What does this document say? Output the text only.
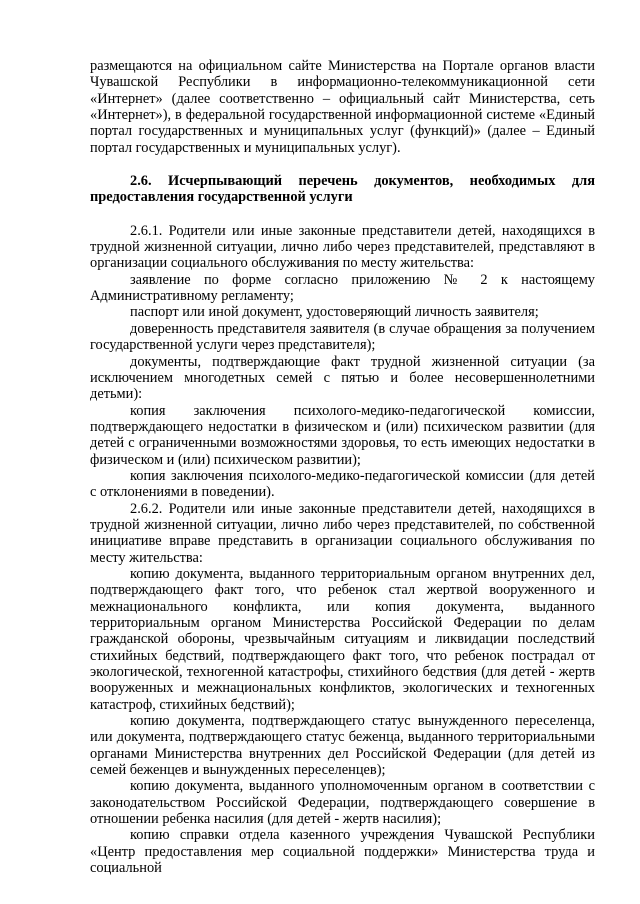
размещаются на официальном сайте Министерства на Портале органов власти Чувашской Республики в информационно-телекоммуникационной сети «Интернет» (далее соответственно – официальный сайт Министерства, сеть «Интернет»), в федеральной государственной информационной системе «Единый портал государственных и муниципальных услуг (функций)» (далее – Единый портал государственных и муниципальных услуг).

2.6. Исчерпывающий перечень документов, необходимых для предоставления государственной услуги

2.6.1. Родители или иные законные представители детей, находящихся в трудной жизненной ситуации, лично либо через представителей, представляют в организации социального обслуживания по месту жительства:

заявление по форме согласно приложению № 2 к настоящему Административному регламенту;

паспорт или иной документ, удостоверяющий личность заявителя;

доверенность представителя заявителя (в случае обращения за получением государственной услуги через представителя);

документы, подтверждающие факт трудной жизненной ситуации (за исключением многодетных семей с пятью и более несовершеннолетними детьми):

копия заключения психолого-медико-педагогической комиссии, подтверждающего недостатки в физическом и (или) психическом развитии (для детей с ограниченными возможностями здоровья, то есть имеющих недостатки в физическом и (или) психическом развитии);

копия заключения психолого-медико-педагогической комиссии (для детей с отклонениями в поведении).

2.6.2. Родители или иные законные представители детей, находящихся в трудной жизненной ситуации, лично либо через представителей, по собственной инициативе вправе представить в организации социального обслуживания по месту жительства:

копию документа, выданного территориальным органом внутренних дел, подтверждающего факт того, что ребенок стал жертвой вооруженного и межнационального конфликта, или копия документа, выданного территориальным органом Министерства Российской Федерации по делам гражданской обороны, чрезвычайным ситуациям и ликвидации последствий стихийных бедствий, подтверждающего факт того, что ребенок пострадал от экологической, техногенной катастрофы, стихийного бедствия (для детей - жертв вооруженных и межнациональных конфликтов, экологических и техногенных катастроф, стихийных бедствий);

копию документа, подтверждающего статус вынужденного переселенца, или документа, подтверждающего статус беженца, выданного территориальными органами Министерства внутренних дел Российской Федерации (для детей из семей беженцев и вынужденных переселенцев);

копию документа, выданного уполномоченным органом в соответствии с законодательством Российской Федерации, подтверждающего совершение в отношении ребенка насилия (для детей - жертв насилия);

копию справки отдела казенного учреждения Чувашской Республики «Центр предоставления мер социальной поддержки» Министерства труда и социальной
